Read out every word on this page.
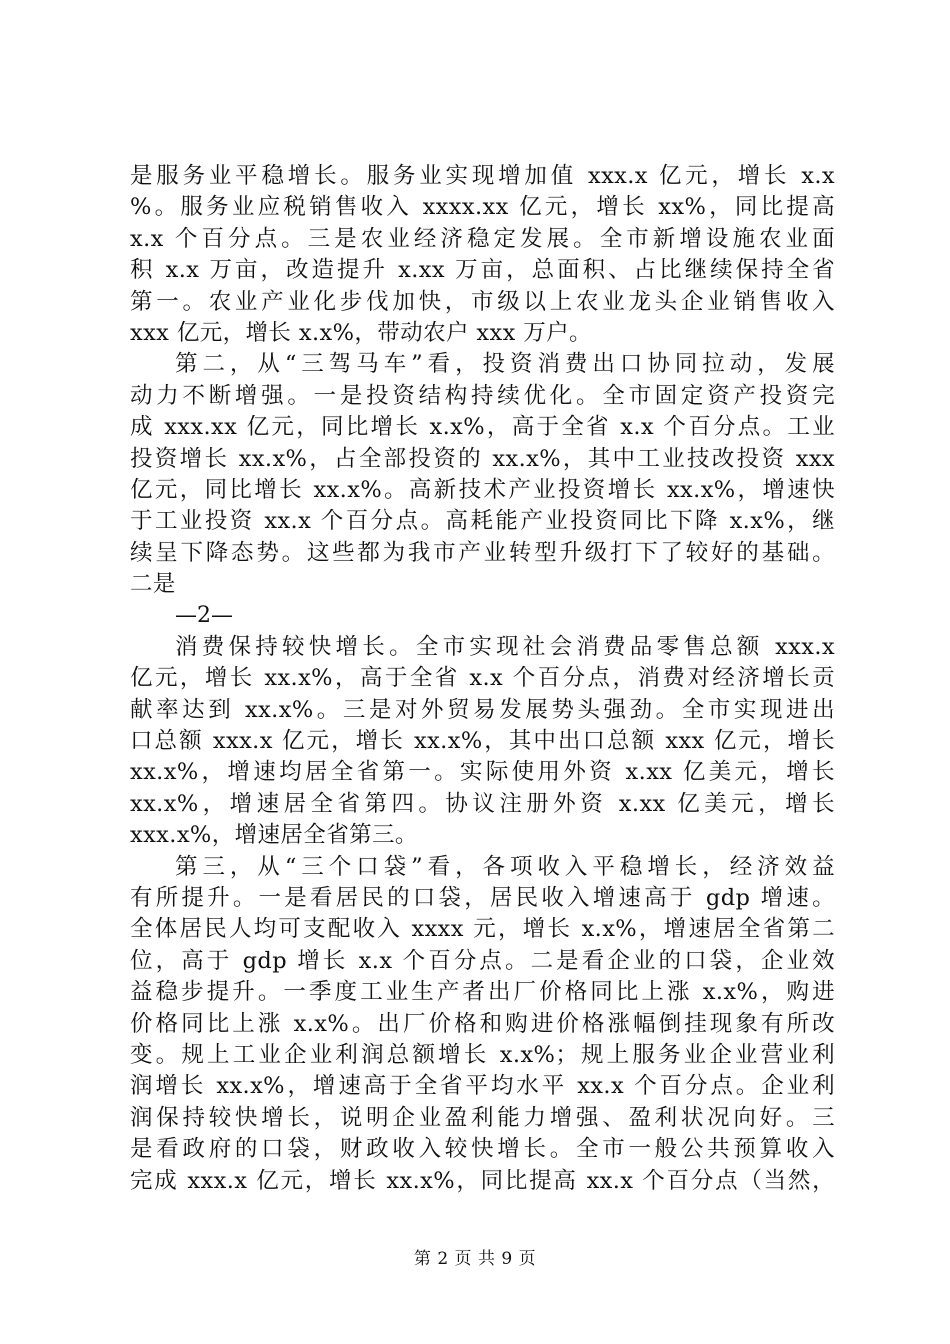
是服务业平稳增长。服务业实现增加值 xxx.x 亿元，增长 x.x
%。服务业应税销售收入 xxxx.xx 亿元，增长 xx%，同比提高
x.x 个百分点。三是农业经济稳定发展。全市新增设施农业面
积 x.x 万亩，改造提升 x.xx 万亩，总面积、占比继续保持全省
第一。农业产业化步伐加快，市级以上农业龙头企业销售收入
xxx 亿元，增长 x.x%，带动农户 xxx 万户。
第二，从“三驾马车”看，投资消费出口协同拉动，发展
动力不断增强。一是投资结构持续优化。全市固定资产投资完
成 xxx.xx 亿元，同比增长 x.x%，高于全省 x.x 个百分点。工业
投资增长 xx.x%，占全部投资的 xx.x%，其中工业技改投资 xxx
亿元，同比增长 xx.x%。高新技术产业投资增长 xx.x%，增速快
于工业投资 xx.x 个百分点。高耗能产业投资同比下降 x.x%，继
续呈下降态势。这些都为我市产业转型升级打下了较好的基础。
二是
—2—
消费保持较快增长。全市实现社会消费品零售总额 xxx.x
亿元，增长 xx.x%，高于全省 x.x 个百分点，消费对经济增长贡
献率达到 xx.x%。三是对外贸易发展势头强劲。全市实现进出
口总额 xxx.x 亿元，增长 xx.x%，其中出口总额 xxx 亿元，增长
xx.x%，增速均居全省第一。实际使用外资 x.xx 亿美元，增长
xx.x%，增速居全省第四。协议注册外资 x.xx 亿美元，增长
xxx.x%，增速居全省第三。
第三，从“三个口袋”看，各项收入平稳增长，经济效益
有所提升。一是看居民的口袋，居民收入增速高于 gdp 增速。
全体居民人均可支配收入 xxxx 元，增长 x.x%，增速居全省第二
位，高于 gdp 增长 x.x 个百分点。二是看企业的口袋，企业效
益稳步提升。一季度工业生产者出厂价格同比上涨 x.x%，购进
价格同比上涨 x.x%。出厂价格和购进价格涨幅倒挂现象有所改
变。规上工业企业利润总额增长 x.x%；规上服务业企业营业利
润增长 xx.x%，增速高于全省平均水平 xx.x 个百分点。企业利
润保持较快增长，说明企业盈利能力增强、盈利状况向好。三
是看政府的口袋，财政收入较快增长。全市一般公共预算收入
完成 xxx.x 亿元，增长 xx.x%，同比提高 xx.x 个百分点（当然，
第 2 页 共 9 页
